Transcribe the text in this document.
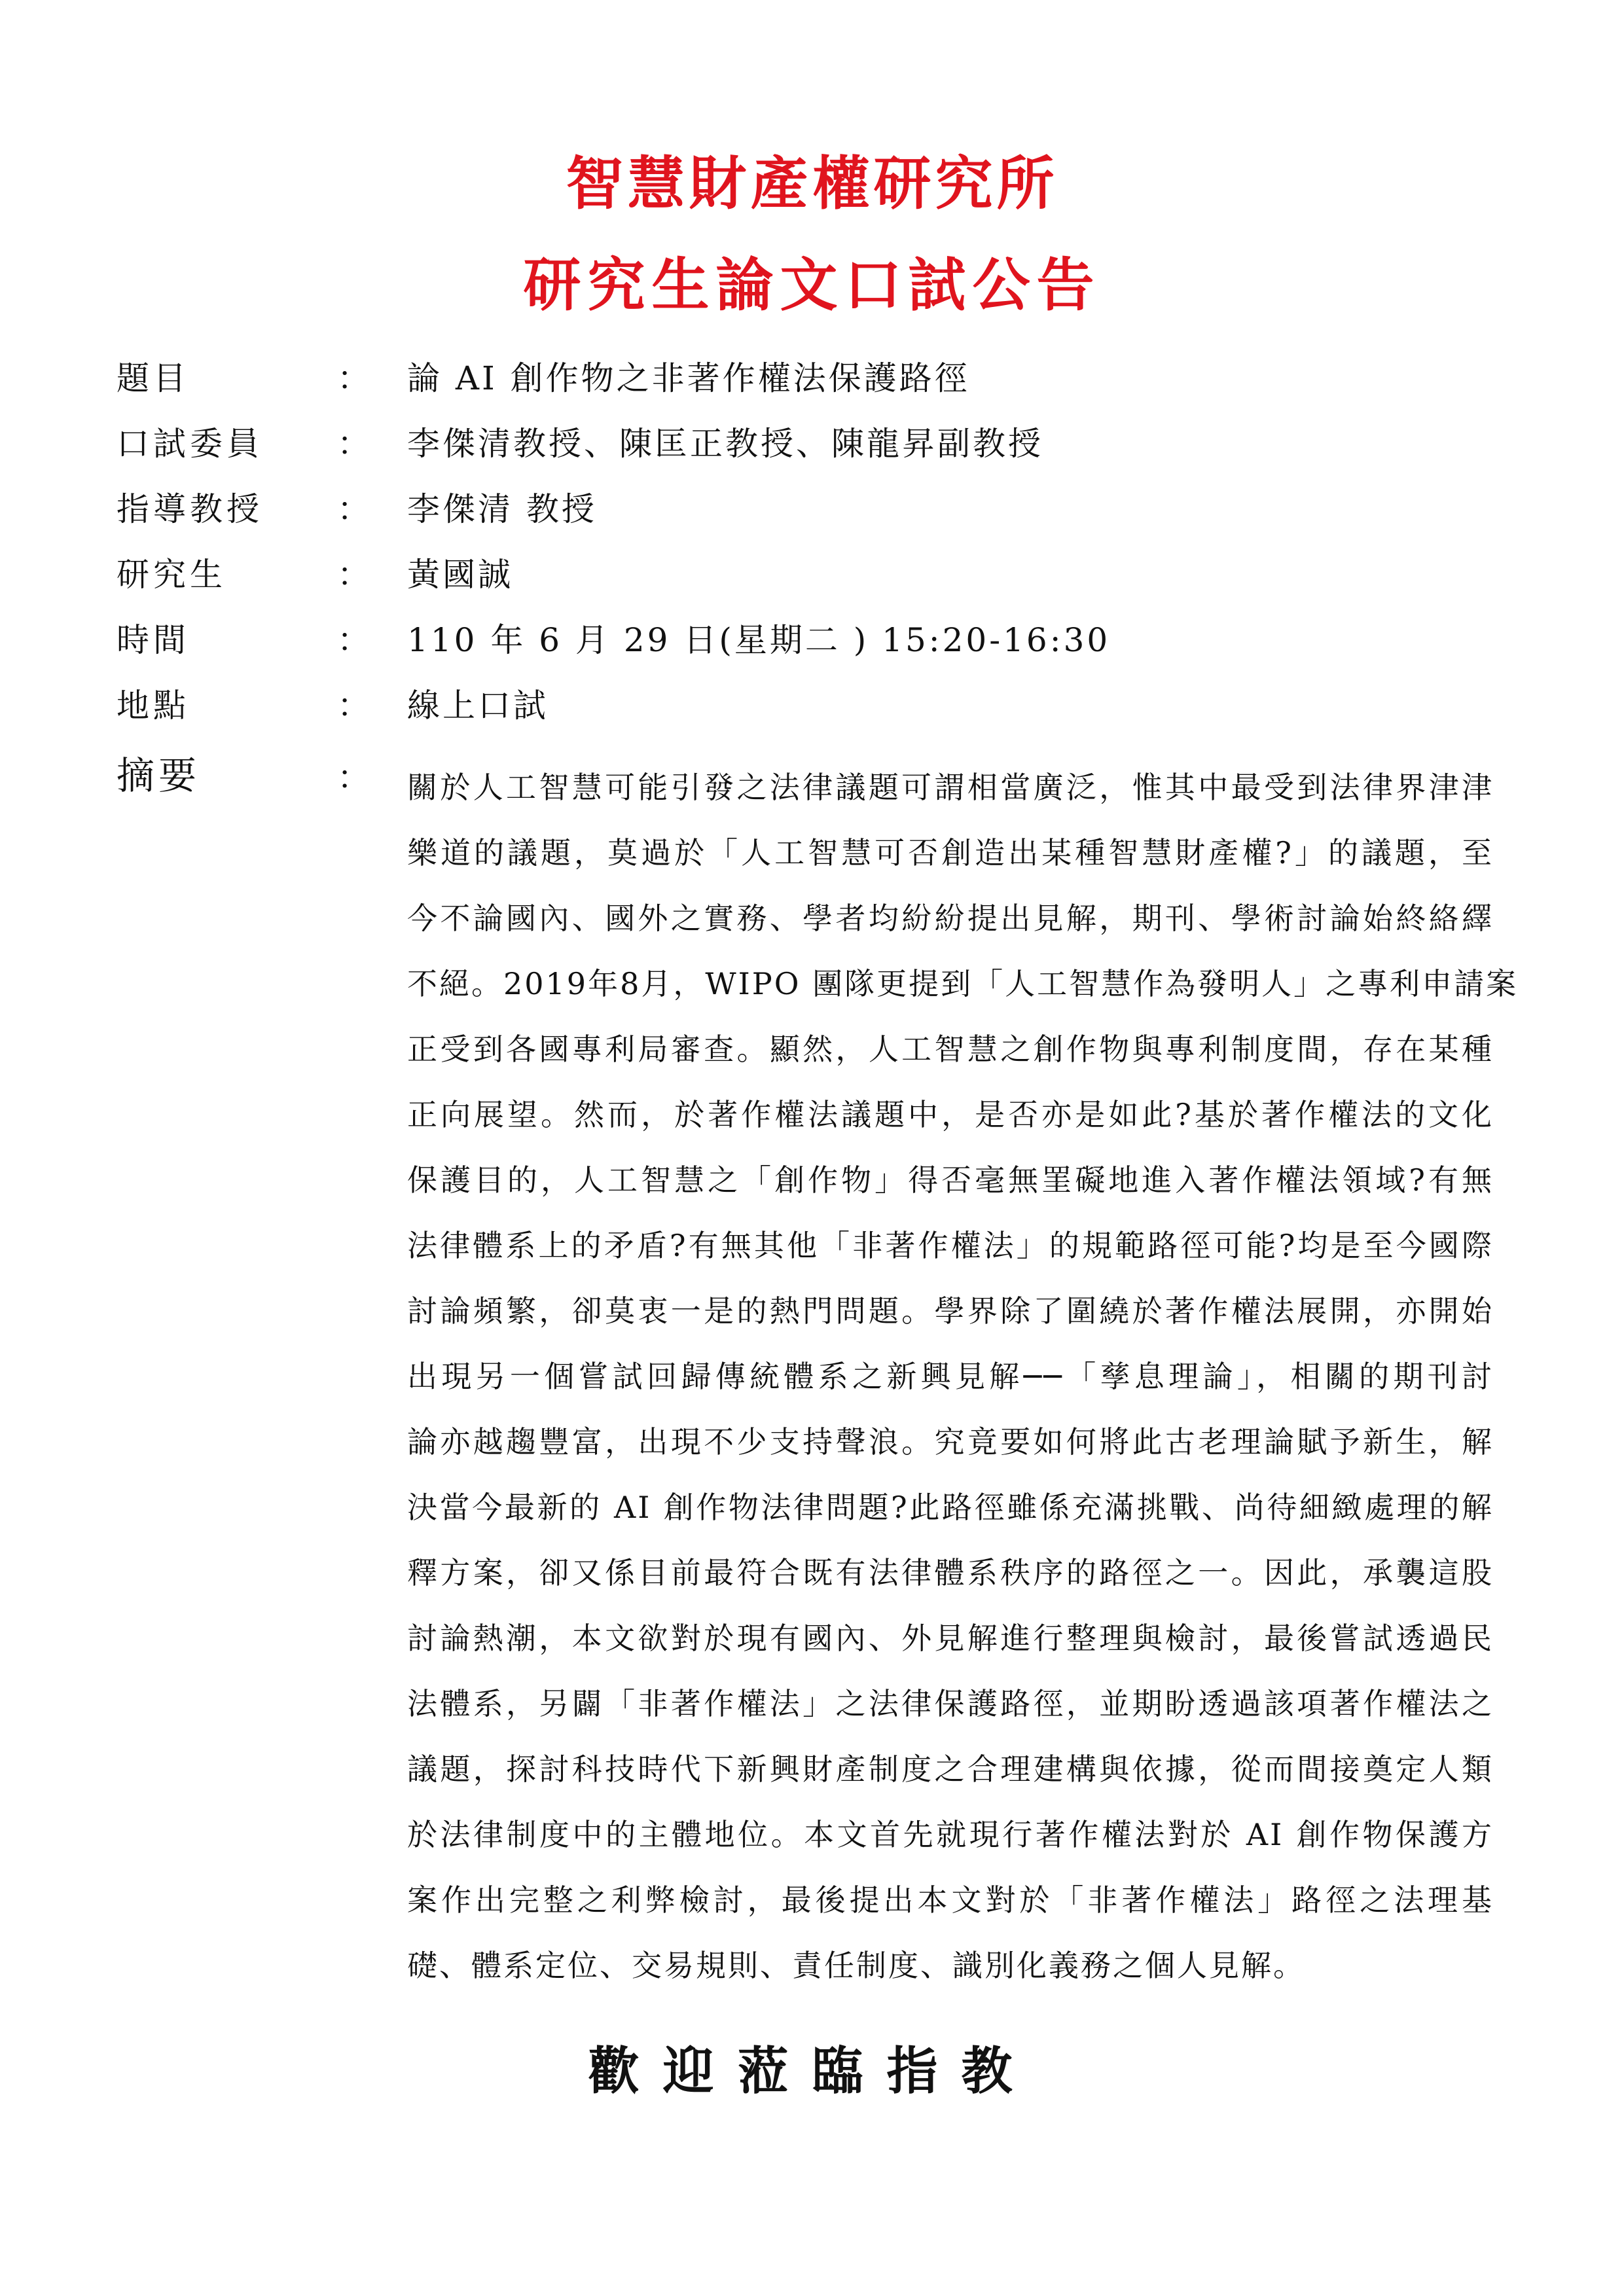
智慧財產權研究所
研究生論文口試公告
題目	： 論 AI 創作物之非著作權法保護路徑
口試委員 ： 李傑清教授、陳匡正教授、陳龍昇副教授
指導教授 ： 李傑清 教授
研究生	： 黃國誠
時間	： 110 年 6 月 29 日(星期二 ) 15:20-16:30
地點	： 線上口試
摘要	： 關於人工智慧可能引發之法律議題可謂相當廣泛，惟其中最受到法律界津津
樂道的議題，莫過於「人工智慧可否創造出某種智慧財產權?」的議題，至
今不論國內、國外之實務、學者均紛紛提出見解，期刊、學術討論始終絡繹
不絕。2019年8月，WIPO 團隊更提到「人工智慧作為發明人」之專利申請案
正受到各國專利局審查。顯然，人工智慧之創作物與專利制度間，存在某種
正向展望。然而，於著作權法議題中，是否亦是如此?基於著作權法的文化
保護目的，人工智慧之「創作物」得否毫無罣礙地進入著作權法領域?有無
法律體系上的矛盾?有無其他「非著作權法」的規範路徑可能?均是至今國際
討論頻繁，卻莫衷一是的熱門問題。學界除了圍繞於著作權法展開，亦開始
出現另一個嘗試回歸傳統體系之新興見解──「孳息理論」，相關的期刊討
論亦越趨豐富，出現不少支持聲浪。究竟要如何將此古老理論賦予新生，解
決當今最新的 AI 創作物法律問題?此路徑雖係充滿挑戰、尚待細緻處理的解
釋方案，卻又係目前最符合既有法律體系秩序的路徑之一。因此，承襲這股
討論熱潮，本文欲對於現有國內、外見解進行整理與檢討，最後嘗試透過民
法體系，另闢「非著作權法」之法律保護路徑，並期盼透過該項著作權法之
議題，探討科技時代下新興財產制度之合理建構與依據，從而間接奠定人類
於法律制度中的主體地位。本文首先就現行著作權法對於 AI 創作物保護方
案作出完整之利弊檢討，最後提出本文對於「非著作權法」路徑之法理基
礎、體系定位、交易規則、責任制度、識別化義務之個人見解。
歡迎蒞臨指教
